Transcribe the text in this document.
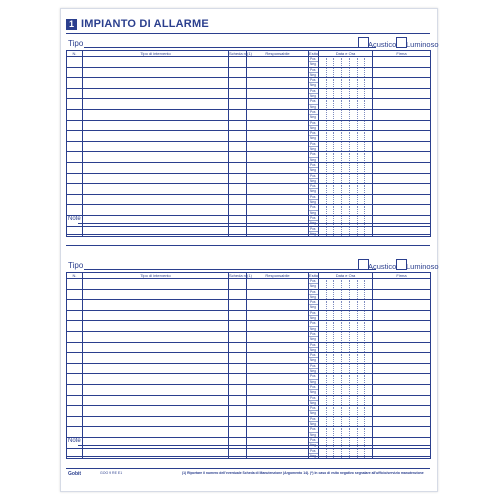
1 IMPIANTO DI ALLARME
Tipo	Acustico Luminoso
N.	Tipo di intervento	Scheda n.(1)	Responsabile	Esito	Data e Ora	Firma

				Pos
Neg		

				Pos
Neg		

				Pos
Neg		

				Pos
Neg		

				Pos
Neg		

				Pos
Neg		

				Pos
Neg		

				Pos
Neg		

				Pos
Neg		

				Pos
Neg		

				Pos
Neg		

				Pos
Neg		

				Pos
Neg		

				Pos
Neg		

				Pos
Neg		

				Pos
Neg		

				Pos
Neg		

Note
Tipo	Acustico Luminoso
N.	Tipo di intervento	Scheda n.(1)	Responsabile	Esito	Data e Ora	Firma

				Pos
Neg		

				Pos
Neg		

				Pos
Neg		

				Pos
Neg		

				Pos
Neg		

				Pos
Neg		

				Pos
Neg		

				Pos
Neg		

				Pos
Neg		

				Pos
Neg		

				Pos
Neg		

				Pos
Neg		

				Pos
Neg		

				Pos
Neg		

				Pos
Neg		

				Pos
Neg		

				Pos
Neg		

Note
Gobit	GOO 9 RE E1	(1) Riportare il numero dell'eventuale Scheda di Manutenzione (Argomento 14). (*) In caso di esito negativo segnalare all'ufficio/servizio manutenzione
